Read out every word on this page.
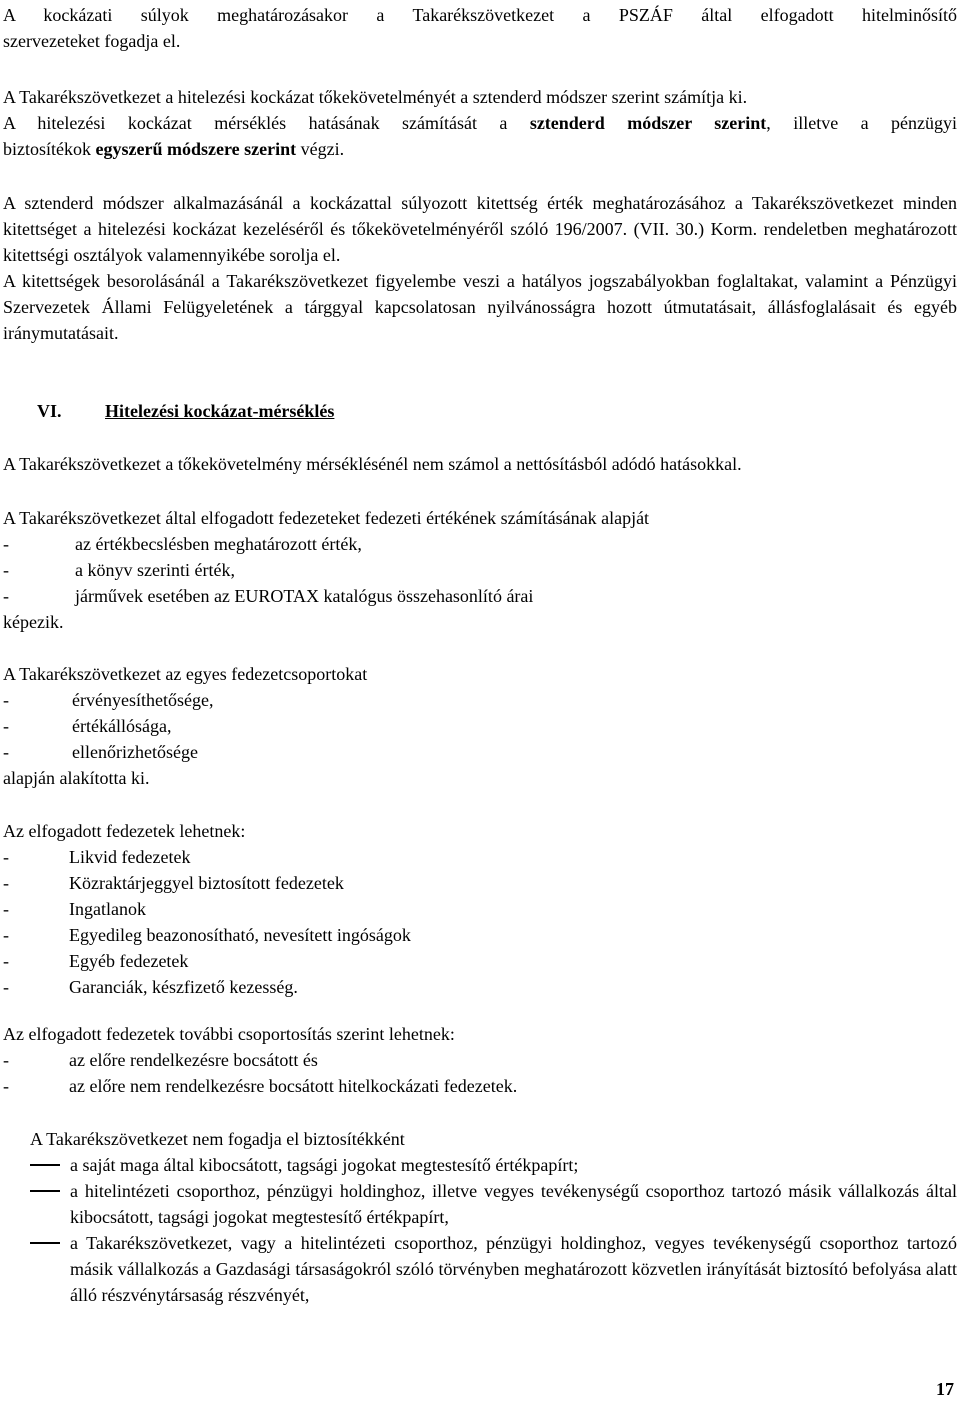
A kockázati súlyok meghatározásakor a Takarékszövetkezet a PSZÁF által elfogadott hitelminősítő
szervezeteket fogadja el.
A Takarékszövetkezet a hitelezési kockázat tőkekövetelményét a sztenderd módszer szerint számítja ki.
A hitelezési kockázat mérséklés hatásának számítását a sztenderd módszer szerint, illetve a pénzügyi
biztosítékok egyszerű módszere szerint végzi.

A sztenderd módszer alkalmazásánál a kockázattal súlyozott kitettség érték meghatározásához a Takarékszövetkezet minden kitettséget a hitelezési kockázat kezeléséről és tőkekövetelményéről szóló 196/2007. (VII. 30.) Korm. rendeletben meghatározott kitettségi osztályok valamennyikébe sorolja el.

A kitettségek besorolásánál a Takarékszövetkezet figyelembe veszi a hatályos jogszabályokban foglaltakat, valamint a Pénzügyi Szervezetek Állami Felügyeletének a tárggyal kapcsolatosan nyilvánosságra hozott útmutatásait, állásfoglalásait és egyéb iránymutatásait.

VI. Hitelezési kockázat-mérséklés
A Takarékszövetkezet a tőkekövetelmény mérséklésénél nem számol a nettósításból adódó hatásokkal.
A Takarékszövetkezet által elfogadott fedezeteket fedezeti értékének számításának alapját
-	az értékbecslésben meghatározott érték,
-	a könyv szerinti érték,
-	járművek esetében az EUROTAX katalógus összehasonlító árai
képezik.
A Takarékszövetkezet az egyes fedezetcsoportokat
-	érvényesíthetősége,
-	értékállósága,
-	ellenőrizhetősége
alapján alakította ki.
Az elfogadott fedezetek lehetnek:
-	Likvid fedezetek
-	Közraktárjeggyel biztosított fedezetek
-	Ingatlanok
-	Egyedileg beazonosítható, nevesített ingóságok
-	Egyéb fedezetek
-	Garanciák, készfizető kezesség.
Az elfogadott fedezetek további csoportosítás szerint lehetnek:
-	az előre rendelkezésre bocsátott és
-	az előre nem rendelkezésre bocsátott hitelkockázati fedezetek.
A Takarékszövetkezet nem fogadja el biztosítékként
a saját maga által kibocsátott, tagsági jogokat megtestesítő értékpapírt;
a hitelintézeti csoporthoz, pénzügyi holdinghoz, illetve vegyes tevékenységű csoporthoz tartozó másik vállalkozás által kibocsátott, tagsági jogokat megtestesítő értékpapírt,
a Takarékszövetkezet, vagy a hitelintézeti csoporthoz, pénzügyi holdinghoz, vegyes tevékenységű csoporthoz tartozó másik vállalkozás a Gazdasági társaságokról szóló törvényben meghatározott közvetlen irányítását biztosító befolyása alatt álló részvénytársaság részvényét,
17
